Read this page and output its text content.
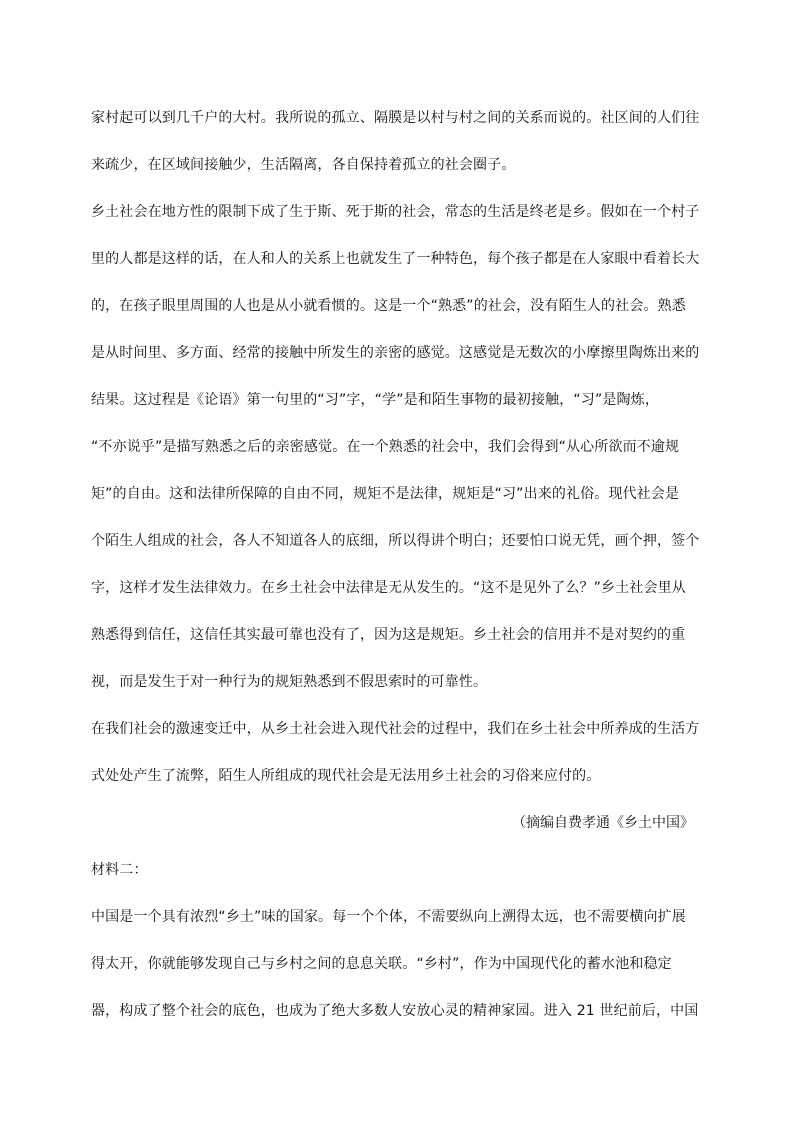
家村起可以到几千户的大村。我所说的孤立、隔膜是以村与村之间的关系而说的。社区间的人们往
来疏少，在区域间接触少，生活隔离，各自保持着孤立的社会圈子。
乡土社会在地方性的限制下成了生于斯、死于斯的社会，常态的生活是终老是乡。假如在一个村子
里的人都是这样的话，在人和人的关系上也就发生了一种特色，每个孩子都是在人家眼中看着长大
的，在孩子眼里周围的人也是从小就看惯的。这是一个“熟悉”的社会，没有陌生人的社会。熟悉
是从时间里、多方面、经常的接触中所发生的亲密的感觉。这感觉是无数次的小摩擦里陶炼出来的
结果。这过程是《论语》第一句里的“习”字，“学”是和陌生事物的最初接触，“习”是陶炼，
“不亦说乎”是描写熟悉之后的亲密感觉。在一个熟悉的社会中，我们会得到“从心所欲而不逾规
矩”的自由。这和法律所保障的自由不同，规矩不是法律，规矩是“习”出来的礼俗。现代社会是
个陌生人组成的社会，各人不知道各人的底细，所以得讲个明白；还要怕口说无凭，画个押，签个
字，这样才发生法律效力。在乡土社会中法律是无从发生的。“这不是见外了么？”乡土社会里从
熟悉得到信任，这信任其实最可靠也没有了，因为这是规矩。乡土社会的信用并不是对契约的重
视，而是发生于对一种行为的规矩熟悉到不假思索时的可靠性。
在我们社会的激速变迁中，从乡土社会进入现代社会的过程中，我们在乡土社会中所养成的生活方
式处处产生了流弊，陌生人所组成的现代社会是无法用乡土社会的习俗来应付的。
（摘编自费孝通《乡土中国》
材料二：
中国是一个具有浓烈“乡土”味的国家。每一个个体，不需要纵向上溯得太远，也不需要横向扩展
得太开，你就能够发现自己与乡村之间的息息关联。“乡村”，作为中国现代化的蓄水池和稳定
器，构成了整个社会的底色，也成为了绝大多数人安放心灵的精神家园。进入 21 世纪前后，中国
